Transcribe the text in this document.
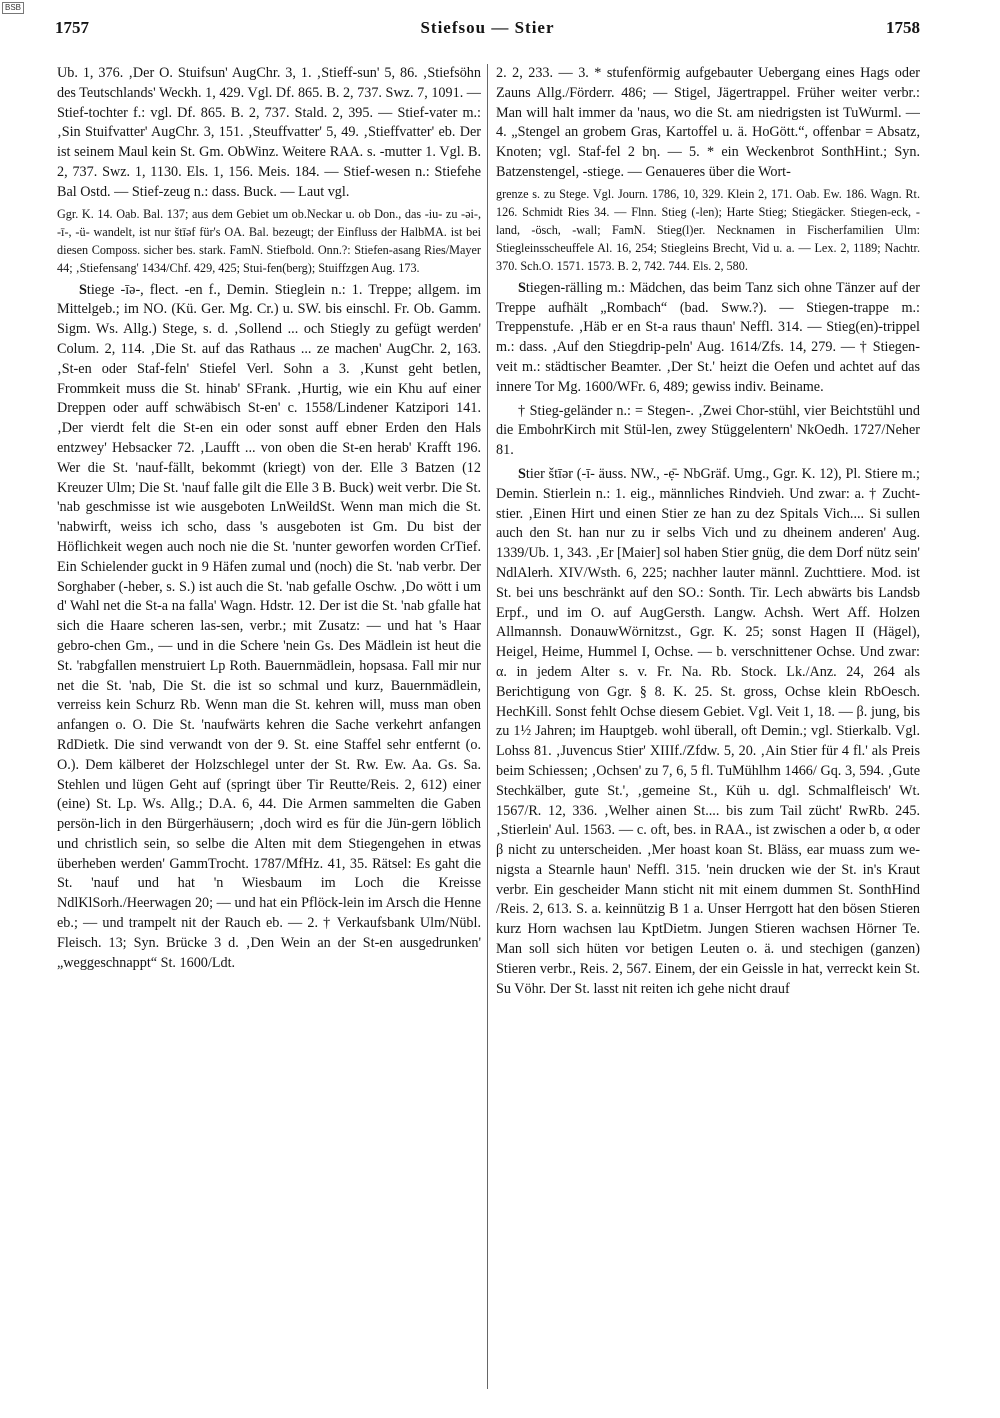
BSB
1757	Stiefsou — Stier	1758

Ub. 1, 376. ‚Der O. Stuifsun' AugChr. 3, 1. ‚Stieff-sun' 5, 86. ‚Stiefsöhn des Teutschlands' Weckh. 1, 429. Vgl. Df. 865. B. 2, 737. Swz. 7, 1091. — Stief-tochter f.: vgl. Df. 865. B. 2, 737. Stald. 2, 395. — Stief-vater m.: ‚Sin Stuifvatter' AugChr. 3, 151. ‚Steuffvatter' 5, 49. ‚Stieffvatter' eb. Der ist seinem Maul kein St. Gm. ObWinz. Weitere RAA. s. -mutter 1. Vgl. B. 2, 737. Swz. 1, 1130. Els. 1, 156. Meis. 184. — Stief-wesen n.: Stiefehe Bal Ostd. — Stief-zeug n.: dass. Buck. — Laut vgl.

Ggr. K. 14. Oab. Bal. 137; aus dem Gebiet um ob.Neckar u. ob Don., das -iu- zu -əi-, -ī-, -ü- wandelt, ist nur štīəf für's OA. Bal. bezeugt; der Einfluss der HalbMA. ist bei diesen Composs. sicher bes. stark. FamN. Stiefbold. Onn.?: Stiefen-asang Ries/Mayer 44; ‚Stiefensang' 1434/Chf. 429, 425; Stui-fen(berg); Stuiffzgen Aug. 173.

Stiege -īə-, flect. -en f., Demin. Stieglein n.: 1. Treppe; allgem. im Mittelgeb.; im NO. (Kü. Ger. Mg. Cr.) u. SW. bis einschl. Fr. Ob. Gamm. Sigm. Ws. Allg.) Stege, s. d. ‚Sollend ... och Stiegly zu gefügt werden' Colum. 2, 114. ‚Die St. auf das Rathaus ... ze machen' AugChr. 2, 163. ‚St-en oder Staf-feln' Stiefel Verl. Sohn a 3. ‚Kunst geht betlen, Frommkeit muss die St. hinab' SFrank. ‚Hurtig, wie ein Khu auf einer Dreppen oder auff schwäbisch St-en' c. 1558/Lindener Katzipori 141. ‚Der vierdt felt die St-en ein oder sonst auff ebner Erden den Hals entzwey' Hebsacker 72. ‚Laufft ... von oben die St-en herab' Krafft 196. Wer die St. 'nauf-fällt, bekommt (kriegt) von der. Elle 3 Batzen (12 Kreuzer Ulm; Die St. 'nauf falle gilt die Elle 3 B. Buck) weit verbr. Die St. 'nab geschmisse ist wie ausgeboten LnWeildSt. Wenn man mich die St. 'nabwirft, weiss ich scho, dass 's ausgeboten ist Gm. Du bist der Höflichkeit wegen auch noch nie die St. 'nunter geworfen worden CrTief. Ein Schielender guckt in 9 Häfen zumal und (noch) die St. 'nab verbr. Der Sorghaber (-heber, s. S.) ist auch die St. 'nab gefalle Oschw. ‚Do wött i um d' Wahl net die St-a na falla' Wagn. Hdstr. 12. Der ist die St. 'nab gfalle hat sich die Haare scheren las-sen, verbr.; mit Zusatz: — und hat 's Haar gebro-chen Gm., — und in die Schere 'nein Gs. Des Mädlein ist heut die St. 'rabgfallen menstruiert Lp Roth. Bauernmädlein, hopsasa. Fall mir nur net die St. 'nab, Die St. die ist so schmal und kurz, Bauernmädlein, verreiss kein Schurz Rb. Wenn man die St. kehren will, muss man oben anfangen o. O. Die St. 'naufwärts kehren die Sache verkehrt anfangen RdDietk. Die sind verwandt von der 9. St. eine Staffel sehr entfernt (o. O.). Dem kälberet der Holzschlegel unter der St. Rw. Ew. Aa. Gs. Sa. Stehlen und lügen Geht auf (springt über Tir Reutte/Reis. 2, 612) einer (eine) St. Lp. Ws. Allg.; D.A. 6, 44. Die Armen sammelten die Gaben persön-lich in den Bürgerhäusern; ‚doch wird es für die Jün-gern löblich und christlich sein, so selbe die Alten mit dem Stiegengehen in etwas überheben werden' GammTrocht. 1787/MfHz. 41, 35. Rätsel: Es gaht die St. 'nauf und hat 'n Wiesbaum im Loch die Kreisse NdlKlSorh./Heerwagen 20; — und hat ein Pflöck-lein im Arsch die Henne eb.; — und trampelt nit der Rauch eb. — 2. † Verkaufsbank Ulm/Nübl. Fleisch. 13; Syn. Brücke 3 d. ‚Den Wein an der St-en ausgedrunken' „weggeschnappt“ St. 1600/Ldt.

2. 2, 233. — 3. * stufenförmig aufgebauter Uebergang eines Hags oder Zauns Allg./Förderr. 486; — Stigel, Jägertrappel. Früher weiter verbr.: Man will halt immer da 'naus, wo die St. am niedrigsten ist TuWurml. — 4. „Stengel an grobem Gras, Kartoffel u. ä. HoGött.“, offenbar = Absatz, Knoten; vgl. Staf-fel 2 bη. — 5. * ein Weckenbrot SonthHint.; Syn. Batzenstengel, -stiege. — Genaueres über die Wort-

grenze s. zu Stege. Vgl. Journ. 1786, 10, 329. Klein 2, 171. Oab. Ew. 186. Wagn. Rt. 126. Schmidt Ries 34. — Flnn. Stieg (-len); Harte Stieg; Stiegäcker. Stiegen-eck, -land, -ösch, -wall; FamN. Stieg(l)er. Necknamen in Fischerfamilien Ulm: Stiegleinsscheuffele Al. 16, 254; Stiegleins Brecht, Vid u. a. — Lex. 2, 1189; Nachtr. 370. Sch.O. 1571. 1573. B. 2, 742. 744. Els. 2, 580.

Stiegen-rälling m.: Mädchen, das beim Tanz sich ohne Tänzer auf der Treppe aufhält „Rombach“ (bad. Sww.?). — Stiegen-trappe m.: Treppenstufe. ‚Häb er en St-a raus thaun' Neffl. 314. — Stieg(en)-trippel m.: dass. ‚Auf den Stiegdrip-peln' Aug. 1614/Zfs. 14, 279. — † Stiegen-veit m.: städtischer Beamter. ‚Der St.' heizt die Oefen und achtet auf das innere Tor Mg. 1600/WFr. 6, 489; gewiss indiv. Beiname.

† Stieg-geländer n.: = Stegen-. ‚Zwei Chor-stühl, vier Beichtstühl und die EmbohrKirch mit Stül-len, zwey Stüggelentern' NkOedh. 1727/Neher 81.

Stier štīər (-ī- äuss. NW., -ẹ̄- NbGräf. Umg., Ggr. K. 12), Pl. Stiere m.; Demin. Stierlein n.: 1. eig., männliches Rindvieh. Und zwar: a. † Zucht-stier. ‚Einen Hirt und einen Stier ze han zu dez Spitals Vich.... Si sullen auch den St. han nur zu ir selbs Vich und zu dheinem anderen' Aug. 1339/Ub. 1, 343. ‚Er [Maier] sol haben Stier gnüg, die dem Dorf nütz sein' NdlAlerh. XIV/Wsth. 6, 225; nachher lauter männl. Zuchttiere. Mod. ist St. bei uns beschränkt auf den SO.: Sonth. Tir. Lech abwärts bis Landsb Erpf., und im O. auf AugGersth. Langw. Achsh. Wert Aff. Holzen Allmannsh. DonauwWörnitzst., Ggr. K. 25; sonst Hagen II (Hägel), Heigel, Heime, Hummel I, Ochse. — b. verschnittener Ochse. Und zwar: α. in jedem Alter s. v. Fr. Na. Rb. Stock. Lk./Anz. 24, 264 als Berichtigung von Ggr. § 8. K. 25. St. gross, Ochse klein RbOesch. HechKill. Sonst fehlt Ochse diesem Gebiet. Vgl. Veit 1, 18. — β. jung, bis zu 1½ Jahren; im Hauptgeb. wohl überall, oft Demin.; vgl. Stierkalb. Vgl. Lohss 81. ‚Juvencus Stier' XIIIf./Zfdw. 5, 20. ‚Ain Stier für 4 fl.' als Preis beim Schiessen; ‚Ochsen' zu 7, 6, 5 fl. TuMühlhm 1466/ Gq. 3, 594. ‚Gute Stechkälber, gute St.', ‚gemeine St., Küh u. dgl. Schmalfleisch' Wt. 1567/R. 12, 336. ‚Welher ainen St.... bis zum Tail zücht' RwRb. 245. ‚Stierlein' Aul. 1563. — c. oft, bes. in RAA., ist zwischen a oder b, α oder β nicht zu unterscheiden. ‚Mer hoast koan St. Bläss, ear muass zum we-nigsta a Stearnle haun' Neffl. 315. 'nein drucken wie der St. in's Kraut verbr. Ein gescheider Mann sticht nit mit einem dummen St. SonthHind /Reis. 2, 613. S. a. keinnützig B 1 a. Unser Herrgott hat den bösen Stieren kurz Horn wachsen lau KptDietm. Jungen Stieren wachsen Hörner Te. Man soll sich hüten vor betigen Leuten o. ä. und stechigen (ganzen) Stieren verbr., Reis. 2, 567. Einem, der ein Geissle in hat, verreckt kein St. Su Vöhr. Der St. lasst nit reiten ich gehe nicht drauf
